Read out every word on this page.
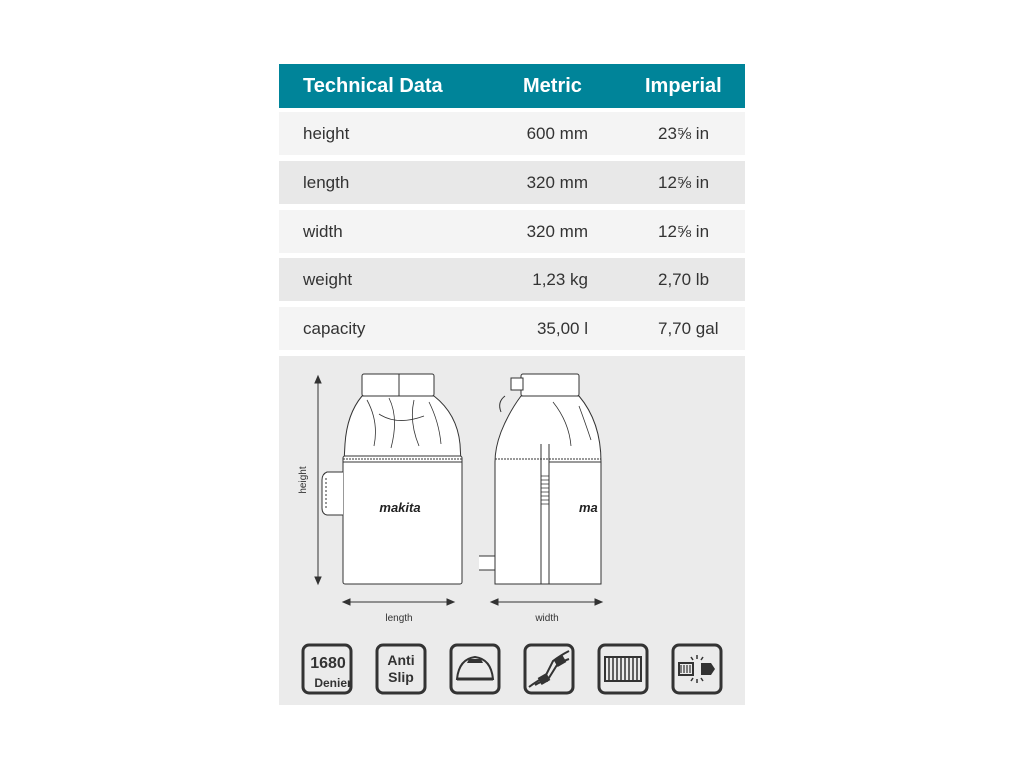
Technical Data	Metric	Imperial
height	600 mm	23⅝ in
length	320 mm	12⅝ in
width	320 mm	12⅝ in
weight	1,23 kg	2,70 lb
capacity	35,00 l	7,70 gal
height
makita
length
ma
width
1680
Denier
Anti
Slip
